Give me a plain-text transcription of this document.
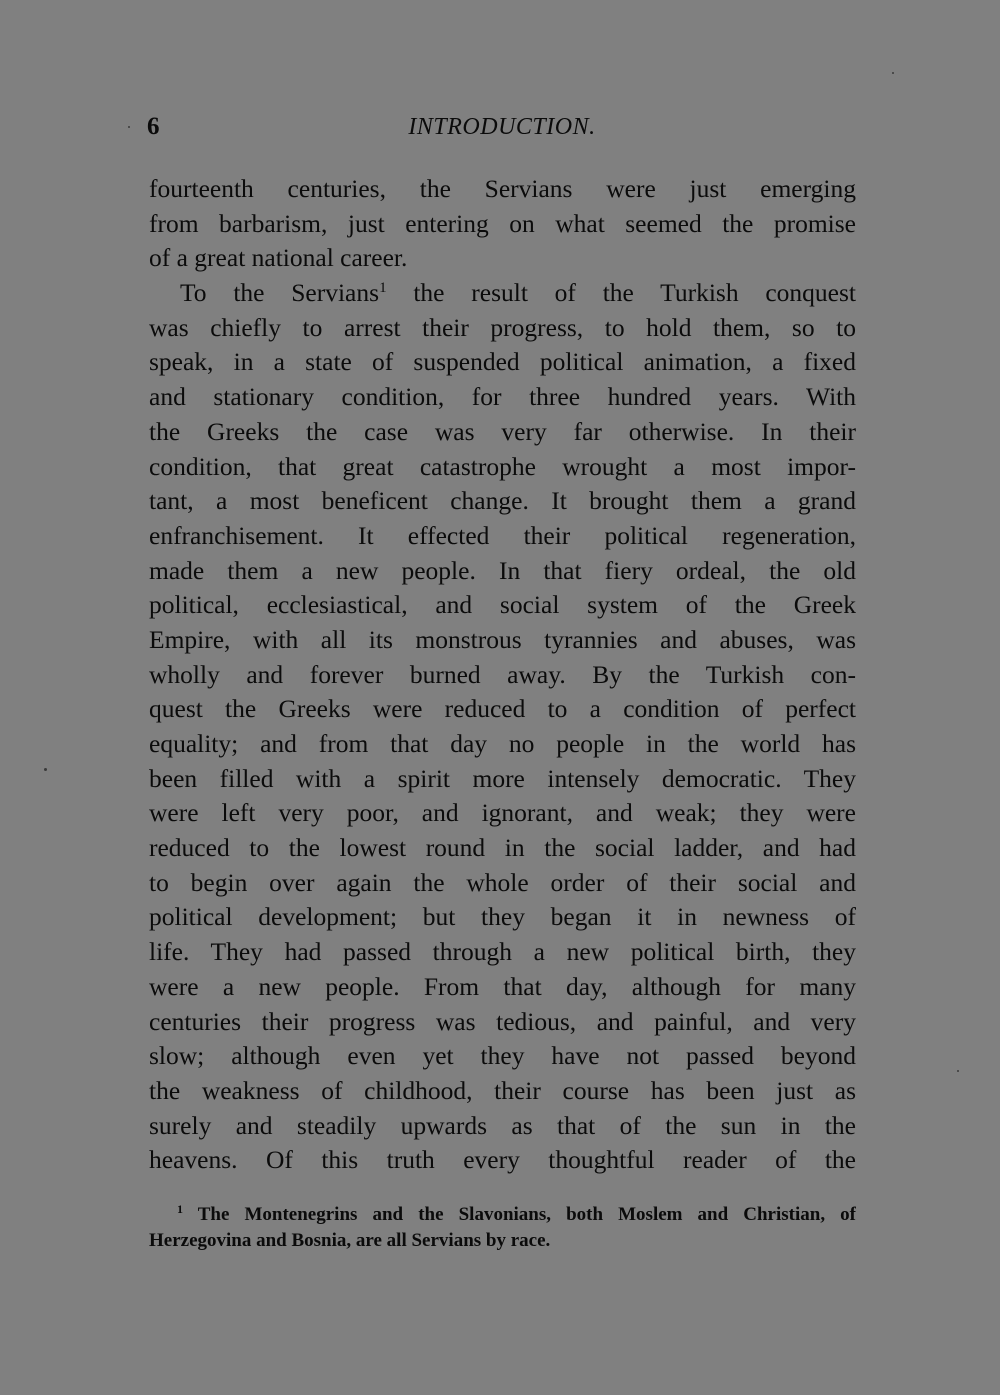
6	INTRODUCTION.
fourteenth centuries, the Servians were just emerging
from barbarism, just entering on what seemed the promise
of a great national career.
To the Servians$^1$ the result of the Turkish conquest
was chiefly to arrest their progress, to hold them, so to
speak, in a state of suspended political animation, a fixed
and stationary condition, for three hundred years. With
the Greeks the case was very far otherwise. In their
condition, that great catastrophe wrought a most impor-
tant, a most beneficent change. It brought them a grand
enfranchisement. It effected their political regeneration,
made them a new people. In that fiery ordeal, the old
political, ecclesiastical, and social system of the Greek
Empire, with all its monstrous tyrannies and abuses, was
wholly and forever burned away. By the Turkish con-
quest the Greeks were reduced to a condition of perfect
equality; and from that day no people in the world has
been filled with a spirit more intensely democratic. They
were left very poor, and ignorant, and weak; they were
reduced to the lowest round in the social ladder, and had
to begin over again the whole order of their social and
political development; but they began it in newness of
life. They had passed through a new political birth, they
were a new people. From that day, although for many
centuries their progress was tedious, and painful, and very
slow; although even yet they have not passed beyond
the weakness of childhood, their course has been just as
surely and steadily upwards as that of the sun in the
heavens. Of this truth every thoughtful reader of the
$^1$ The Montenegrins and the Slavonians, both Moslem and Christian, of
Herzegovina and Bosnia, are all Servians by race.
